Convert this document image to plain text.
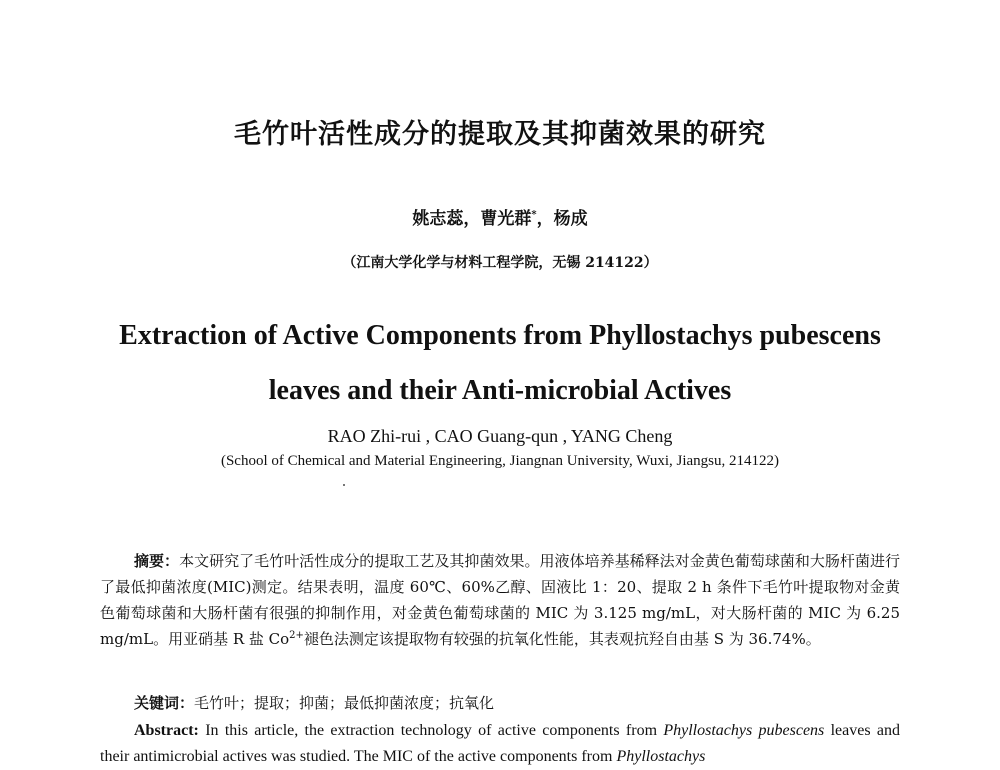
毛竹叶活性成分的提取及其抑菌效果的研究
姚志蕊，曹光群*，杨成
（江南大学化学与材料工程学院，无锡 214122）
Extraction of Active Components from Phyllostachys pubescens
leaves and their Anti-microbial Actives
RAO Zhi-rui , CAO Guang-qun , YANG Cheng
(School of Chemical and Material Engineering, Jiangnan University, Wuxi, Jiangsu, 214122)
摘要：本文研究了毛竹叶活性成分的提取工艺及其抑菌效果。用液体培养基稀释法对金黄色葡萄球菌和大肠杆菌进行了最低抑菌浓度(MIC)测定。结果表明，温度 60℃、60%乙醇、固液比 1：20、提取 2 h 条件下毛竹叶提取物对金黄色葡萄球菌和大肠杆菌有很强的抑制作用，对金黄色葡萄球菌的 MIC 为 3.125 mg/mL，对大肠杆菌的 MIC 为 6.25 mg/mL。用亚硝基 R 盐 $Co^{2+}$褪色法测定该提取物有较强的抗氧化性能，其表观抗羟自由基 S 为 36.74%。
关键词：毛竹叶；提取；抑菌；最低抑菌浓度；抗氧化
Abstract: In this article, the extraction technology of active components from Phyllostachys pubescens leaves and their antimicrobial actives was studied. The MIC of the active components from Phyllostachys
